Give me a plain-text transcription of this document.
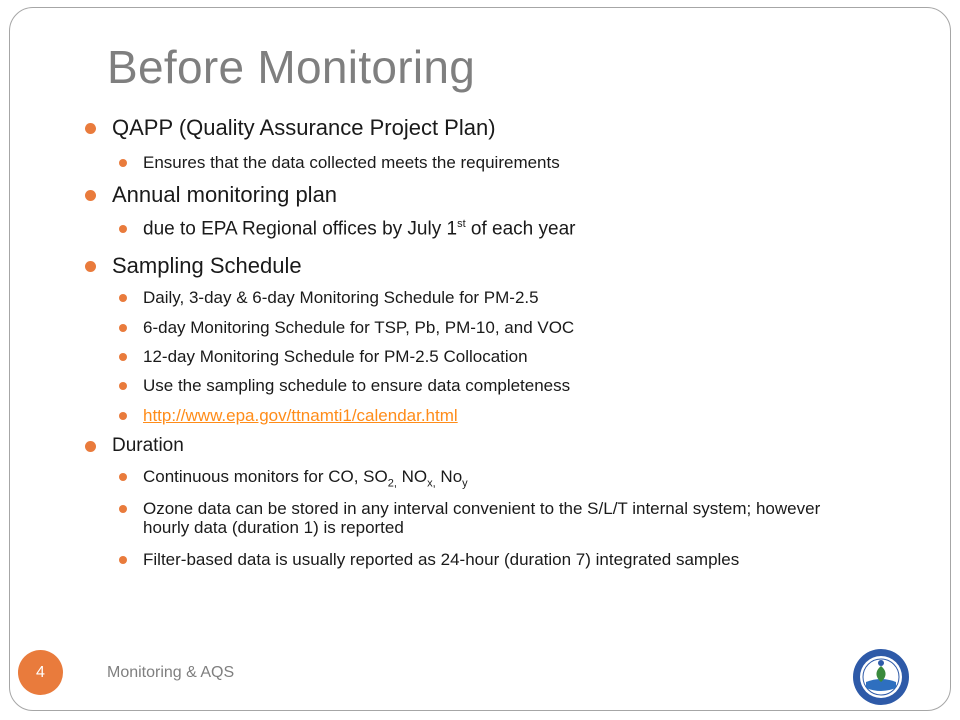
Before Monitoring
QAPP (Quality Assurance Project Plan)
Ensures that the data collected meets the requirements
Annual monitoring plan
due to EPA Regional offices by July 1st of each year
Sampling Schedule
Daily, 3-day & 6-day Monitoring Schedule for PM-2.5
6-day Monitoring Schedule for TSP, Pb, PM-10, and VOC
12-day Monitoring Schedule for PM-2.5 Collocation
Use the sampling schedule to ensure data completeness
http://www.epa.gov/ttnamti1/calendar.html
Duration
Continuous monitors for CO, $SO_{2,}$ $NO_{x,}$ $No_y$
Ozone data can be stored in any interval convenient to the S/L/T internal system; however hourly data (duration 1) is reported
Filter-based data is usually reported as 24-hour (duration 7) integrated samples
4	Monitoring & AQS
